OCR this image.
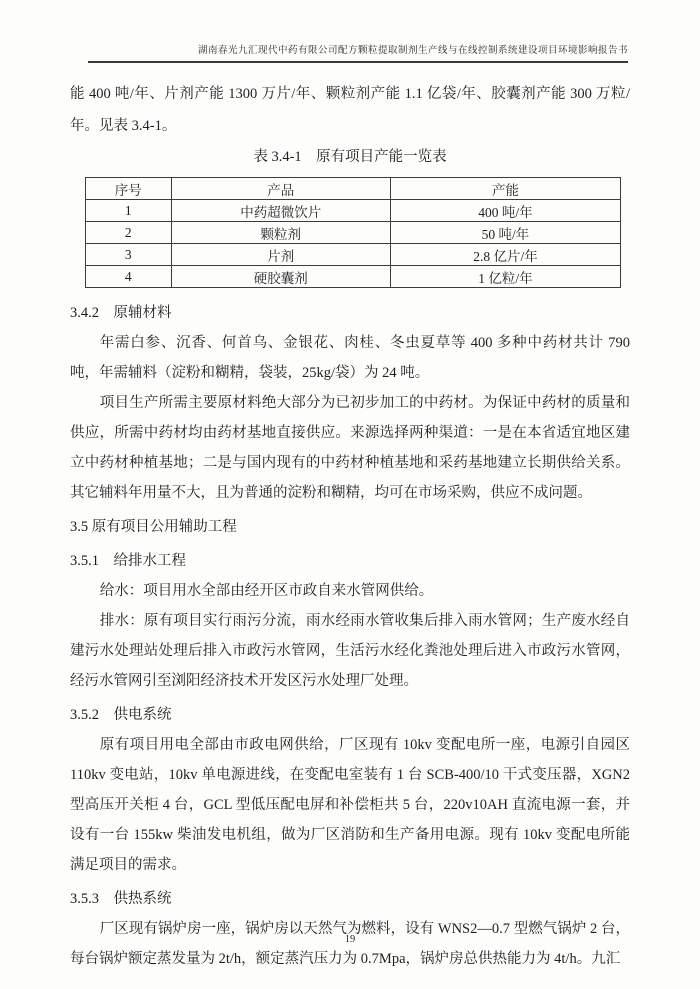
湖南春光九汇现代中药有限公司配方颗粒提取制剂生产线与在线控制系统建设项目环境影响报告书

能 400 吨/年、片剂产能 1300 万片/年、颗粒剂产能 1.1 亿袋/年、胶囊剂产能 300 万粒/年。见表 3.4-1。

表 3.4-1　原有项目产能一览表
序号	产品	产能
1	中药超微饮片	400 吨/年
2	颗粒剂	50 吨/年
3	片剂	2.8 亿片/年
4	硬胶囊剂	1 亿粒/年
3.4.2　原辅材料

年需白参、沉香、何首乌、金银花、肉桂、冬虫夏草等 400 多种中药材共计 790 吨，年需辅料（淀粉和糊精，袋装，25kg/袋）为 24 吨。

项目生产所需主要原材料绝大部分为已初步加工的中药材。为保证中药材的质量和供应，所需中药材均由药材基地直接供应。来源选择两种渠道：一是在本省适宜地区建立中药材种植基地；二是与国内现有的中药材种植基地和采药基地建立长期供给关系。其它辅料年用量不大，且为普通的淀粉和糊精，均可在市场采购，供应不成问题。

3.5 原有项目公用辅助工程
3.5.1　给排水工程

给水：项目用水全部由经开区市政自来水管网供给。

排水：原有项目实行雨污分流，雨水经雨水管收集后排入雨水管网；生产废水经自建污水处理站处理后排入市政污水管网，生活污水经化粪池处理后进入市政污水管网，经污水管网引至浏阳经济技术开发区污水处理厂处理。

3.5.2　供电系统

原有项目用电全部由市政电网供给，厂区现有 10kv 变配电所一座，电源引自园区 110kv 变电站，10kv 单电源进线，在变配电室装有 1 台 SCB-400/10 干式变压器，XGN2 型高压开关柜 4 台，GCL 型低压配电屏和补偿柜共 5 台，220v10AH 直流电源一套，并设有一台 155kw 柴油发电机组，做为厂区消防和生产备用电源。现有 10kv 变配电所能满足项目的需求。

3.5.3　供热系统

厂区现有锅炉房一座，锅炉房以天然气为燃料，设有 WNS2—0.7 型燃气锅炉 2 台，每台锅炉额定蒸发量为 2t/h，额定蒸汽压力为 0.7Mpa，锅炉房总供热能力为 4t/h。九汇

19
